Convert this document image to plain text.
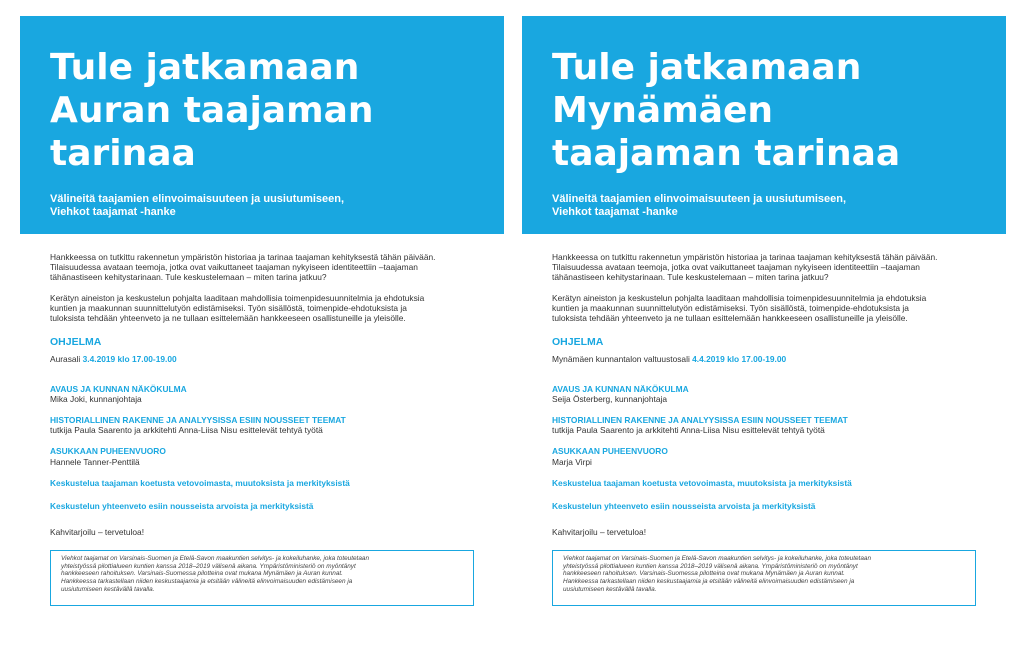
Tule jatkamaan
Auran taajaman
tarinaa
Välineitä taajamien elinvoimaisuuteen ja uusiutumiseen,
Viehkot taajamat -hanke
Hankkeessa on tutkittu rakennetun ympäristön historiaa ja tarinaa taajaman kehityksestä tähän päivään.
Tilaisuudessa avataan teemoja, jotka ovat vaikuttaneet taajaman nykyiseen identiteettiin –taajaman
tähänastiseen kehitystarinaan. Tule keskustelemaan – miten tarina jatkuu?
Kerätyn aineiston ja keskustelun pohjalta laaditaan mahdollisia toimenpidesuunnitelmia ja ehdotuksia
kuntien ja maakunnan suunnittelutyön edistämiseksi. Työn sisällöstä, toimenpide-ehdotuksista ja
tuloksista tehdään yhteenveto ja ne tullaan esittelemään hankkeeseen osallistuneille ja yleisölle.
OHJELMA
Aurasali 3.4.2019 klo 17.00-19.00
AVAUS JA KUNNAN NÄKÖKULMA
Mika Joki, kunnanjohtaja
HISTORIALLINEN RAKENNE JA ANALYYSISSA ESIIN NOUSSEET TEEMAT
tutkija Paula Saarento ja arkkitehti Anna-Liisa Nisu esittelevät tehtyä työtä
ASUKKAAN PUHEENVUORO
Hannele Tanner-Penttilä
Keskustelua taajaman koetusta vetovoimasta, muutoksista ja merkityksistä
Keskustelun yhteenveto esiin nousseista arvoista ja merkityksistä
Kahvitarjoilu – tervetuloa!
Viehkot taajamat on Varsinais-Suomen ja Etelä-Savon maakuntien selvitys- ja kokeiluhanke, joka toteutetaan
yhteistyössä pilottialueen kuntien kanssa 2018–2019 välisenä aikana. Ympäristöministeriö on myöntänyt
hankkeeseen rahoituksen. Varsinais-Suomessa pilotteina ovat mukana Mynämäen ja Auran kunnat.
Hankkeessa tarkastellaan niiden keskustaajamia ja etsitään välineitä elinvoimaisuuden edistämiseen ja
uusiutumiseen kestävällä tavalla.
Tule jatkamaan
Mynämäen
taajaman tarinaa
Välineitä taajamien elinvoimaisuuteen ja uusiutumiseen,
Viehkot taajamat -hanke
Hankkeessa on tutkittu rakennetun ympäristön historiaa ja tarinaa taajaman kehityksestä tähän päivään.
Tilaisuudessa avataan teemoja, jotka ovat vaikuttaneet taajaman nykyiseen identiteettiin –taajaman
tähänastiseen kehitystarinaan. Tule keskustelemaan – miten tarina jatkuu?
Kerätyn aineiston ja keskustelun pohjalta laaditaan mahdollisia toimenpidesuunnitelmia ja ehdotuksia
kuntien ja maakunnan suunnittelutyön edistämiseksi. Työn sisällöstä, toimenpide-ehdotuksista ja
tuloksista tehdään yhteenveto ja ne tullaan esittelemään hankkeeseen osallistuneille ja yleisölle.
OHJELMA
Mynämäen kunnantalon valtuustosali 4.4.2019 klo 17.00-19.00
AVAUS JA KUNNAN NÄKÖKULMA
Seija Österberg, kunnanjohtaja
HISTORIALLINEN RAKENNE JA ANALYYSISSA ESIIN NOUSSEET TEEMAT
tutkija Paula Saarento ja arkkitehti Anna-Liisa Nisu esittelevät tehtyä työtä
ASUKKAAN PUHEENVUORO
Marja Virpi
Keskustelua taajaman koetusta vetovoimasta, muutoksista ja merkityksistä
Keskustelun yhteenveto esiin nousseista arvoista ja merkityksistä
Kahvitarjoilu – tervetuloa!
Viehkot taajamat on Varsinais-Suomen ja Etelä-Savon maakuntien selvitys- ja kokeiluhanke, joka toteutetaan
yhteistyössä pilottialueen kuntien kanssa 2018–2019 välisenä aikana. Ympäristöministeriö on myöntänyt
hankkeeseen rahoituksen. Varsinais-Suomessa pilotteina ovat mukana Mynämäen ja Auran kunnat.
Hankkeessa tarkastellaan niiden keskustaajamia ja etsitään välineitä elinvoimaisuuden edistämiseen ja
uusiutumiseen kestävällä tavalla.
